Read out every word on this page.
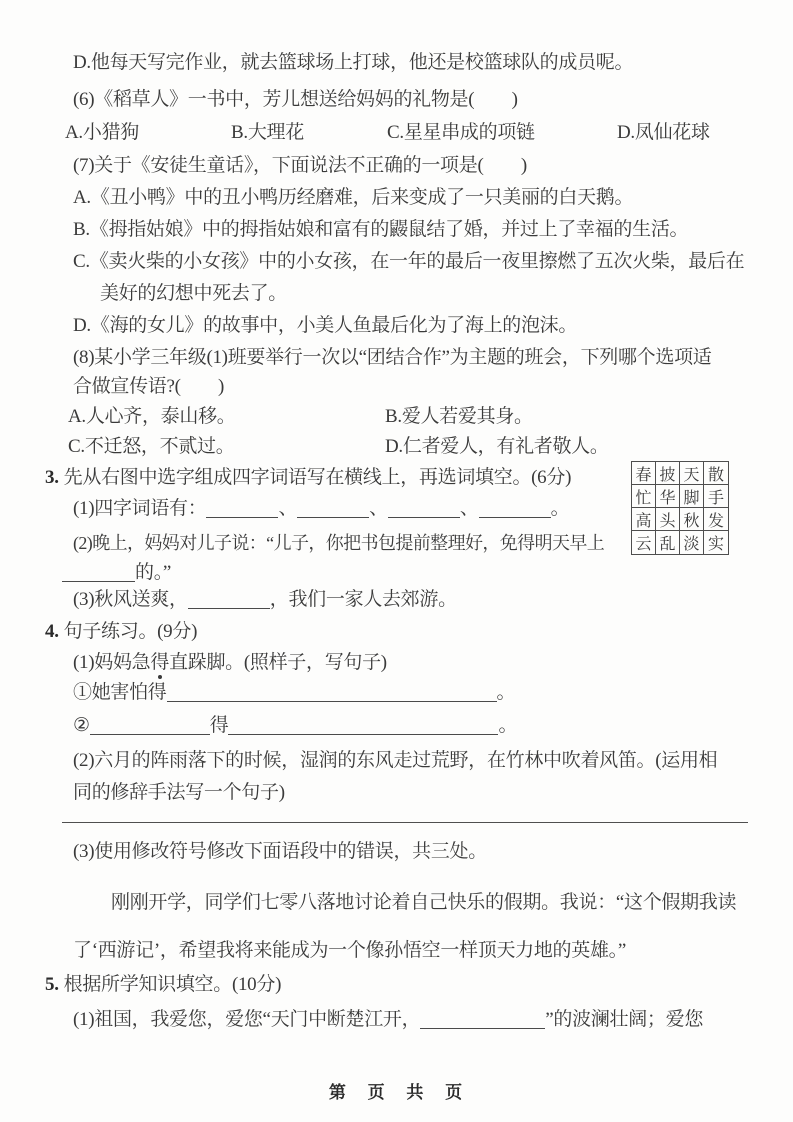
D.他每天写完作业，就去篮球场上打球，他还是校篮球队的成员呢。
(6)《稻草人》一书中，芳儿想送给妈妈的礼物是(　　)
A.小猎狗	B.大理花	C.星星串成的项链	D.凤仙花球
(7)关于《安徒生童话》，下面说法不正确的一项是(　　)
A.《丑小鸭》中的丑小鸭历经磨难，后来变成了一只美丽的白天鹅。
B.《拇指姑娘》中的拇指姑娘和富有的鼹鼠结了婚，并过上了幸福的生活。
C.《卖火柴的小女孩》中的小女孩，在一年的最后一夜里擦燃了五次火柴，最后在
美好的幻想中死去了。
D.《海的女儿》的故事中，小美人鱼最后化为了海上的泡沫。
(8)某小学三年级(1)班要举行一次以“团结合作”为主题的班会，下列哪个选项适
合做宣传语?(　　)
A.人心齐，泰山移。	B.爱人若爱其身。
C.不迁怒，不贰过。	D.仁者爱人，有礼者敬人。
3. 先从右图中选字组成四字词语写在横线上，再选词填空。(6分)	春 披 天 散
忙 华 脚 手
高 头 秋 发
云 乱 淡 实
(1)四字词语有：	、	、	、	。
(2)晚上，妈妈对儿子说：“儿子，你把书包提前整理好，免得明天早上
的。”
(3)秋风送爽，	，我们一家人去郊游。
4. 句子练习。(9分)
(1)妈妈急得直跺脚。(照样子，写句子)
①她害怕得	。
②	得	。
(2)六月的阵雨落下的时候，湿润的东风走过荒野，在竹林中吹着风笛。(运用相
同的修辞手法写一个句子)
(3)使用修改符号修改下面语段中的错误，共三处。
刚刚开学，同学们七零八落地讨论着自己快乐的假期。我说：“这个假期我读
了‘西游记’，希望我将来能成为一个像孙悟空一样顶天力地的英雄。”
5. 根据所学知识填空。(10分)
(1)祖国，我爱您，爱您“天门中断楚江开，	”的波澜壮阔；爱您
第 页 共 页
